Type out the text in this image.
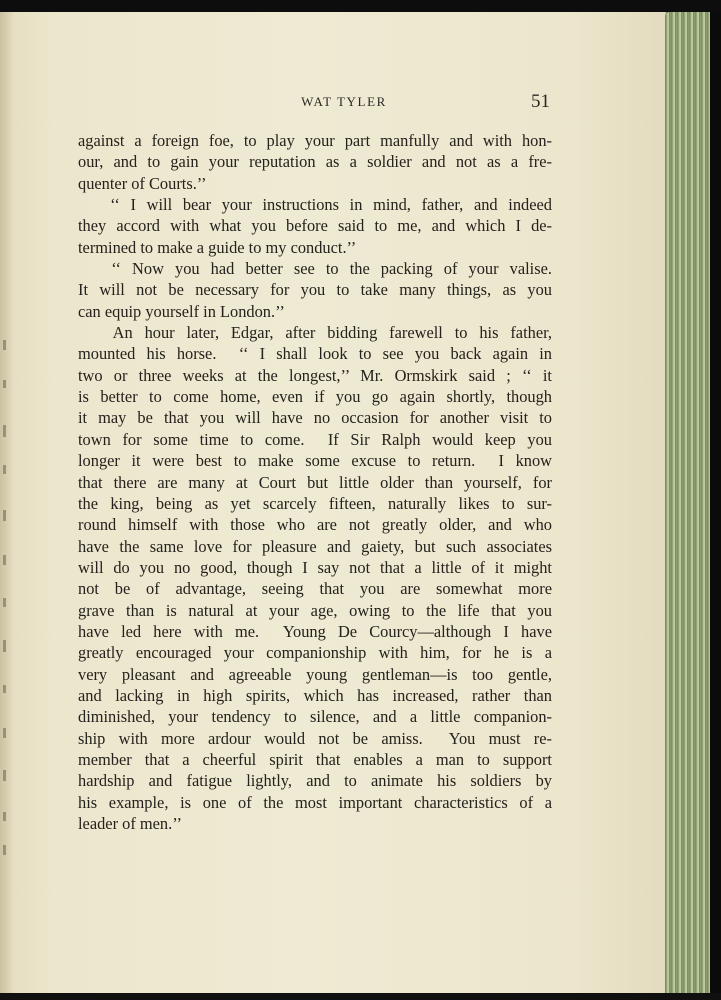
WAT TYLER	51
against a foreign foe, to play your part manfully and with hon-
our, and to gain your reputation as a soldier and not as a fre-
quenter of Courts.’’
‘‘ I will bear your instructions in mind, father, and indeed
they accord with what you before said to me, and which I de-
termined to make a guide to my conduct.’’
‘‘ Now you had better see to the packing of your valise.
It will not be necessary for you to take many things, as you
can equip yourself in London.’’
An hour later, Edgar, after bidding farewell to his father,
mounted his horse.  ‘‘ I shall look to see you back again in
two or three weeks at the longest,’’ Mr. Ormskirk said ; ‘‘ it
is better to come home, even if you go again shortly, though
it may be that you will have no occasion for another visit to
town for some time to come.  If Sir Ralph would keep you
longer it were best to make some excuse to return.  I know
that there are many at Court but little older than yourself, for
the king, being as yet scarcely fifteen, naturally likes to sur-
round himself with those who are not greatly older, and who
have the same love for pleasure and gaiety, but such associates
will do you no good, though I say not that a little of it might
not be of advantage, seeing that you are somewhat more
grave than is natural at your age, owing to the life that you
have led here with me.  Young De Courcy—although I have
greatly encouraged your companionship with him, for he is a
very pleasant and agreeable young gentleman—is too gentle,
and lacking in high spirits, which has increased, rather than
diminished, your tendency to silence, and a little companion-
ship with more ardour would not be amiss.  You must re-
member that a cheerful spirit that enables a man to support
hardship and fatigue lightly, and to animate his soldiers by
his example, is one of the most important characteristics of a
leader of men.’’
